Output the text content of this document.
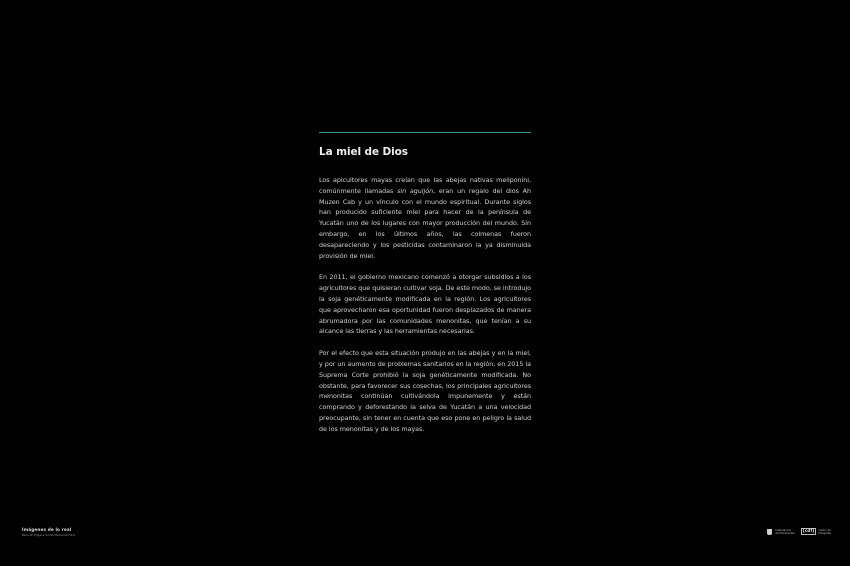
La miel de Dios

Los apicultores mayas creían que las abejas nativas meliponini, comúnmente llamadas sin aguijón, eran un regalo del dios Ah Muzen Cab y un vínculo con el mundo espiritual. Durante siglos han producido suficiente miel para hacer de la península de Yucatán uno de los lugares con mayor producción del mundo. Sin embargo, en los últimos años, las colmenas fueron desapareciendo y los pesticidas contaminaron la ya disminuida provisión de miel.

En 2011, el gobierno mexicano comenzó a otorgar subsidios a los agricultores que quisieran cultivar soja. De este modo, se introdujo la soja genéticamente modificada en la región. Los agricultores que aprovecharon esa oportunidad fueron desplazados de manera abrumadora por las comunidades menonitas, que tenían a su alcance las tierras y las herramientas necesarias.

Por el efecto que esta situación produjo en las abejas y en la miel, y por un aumento de problemas sanitarios en la región, en 2015 la Suprema Corte prohibió la soja genéticamente modificada. No obstante, para favorecer sus cosechas, los principales agricultores menonitas continúan cultivándola impunemente y están comprando y deforestando la selva de Yucatán a una velocidad preocupante, sin tener en cuenta que eso pone en peligro la salud de los menonitas y de los mayas.

Imágenes de lo real
Beca W. Eugene Smith Memorial Fund
Intendencia
de Montevideo	[cdf]	centro de
fotografía
